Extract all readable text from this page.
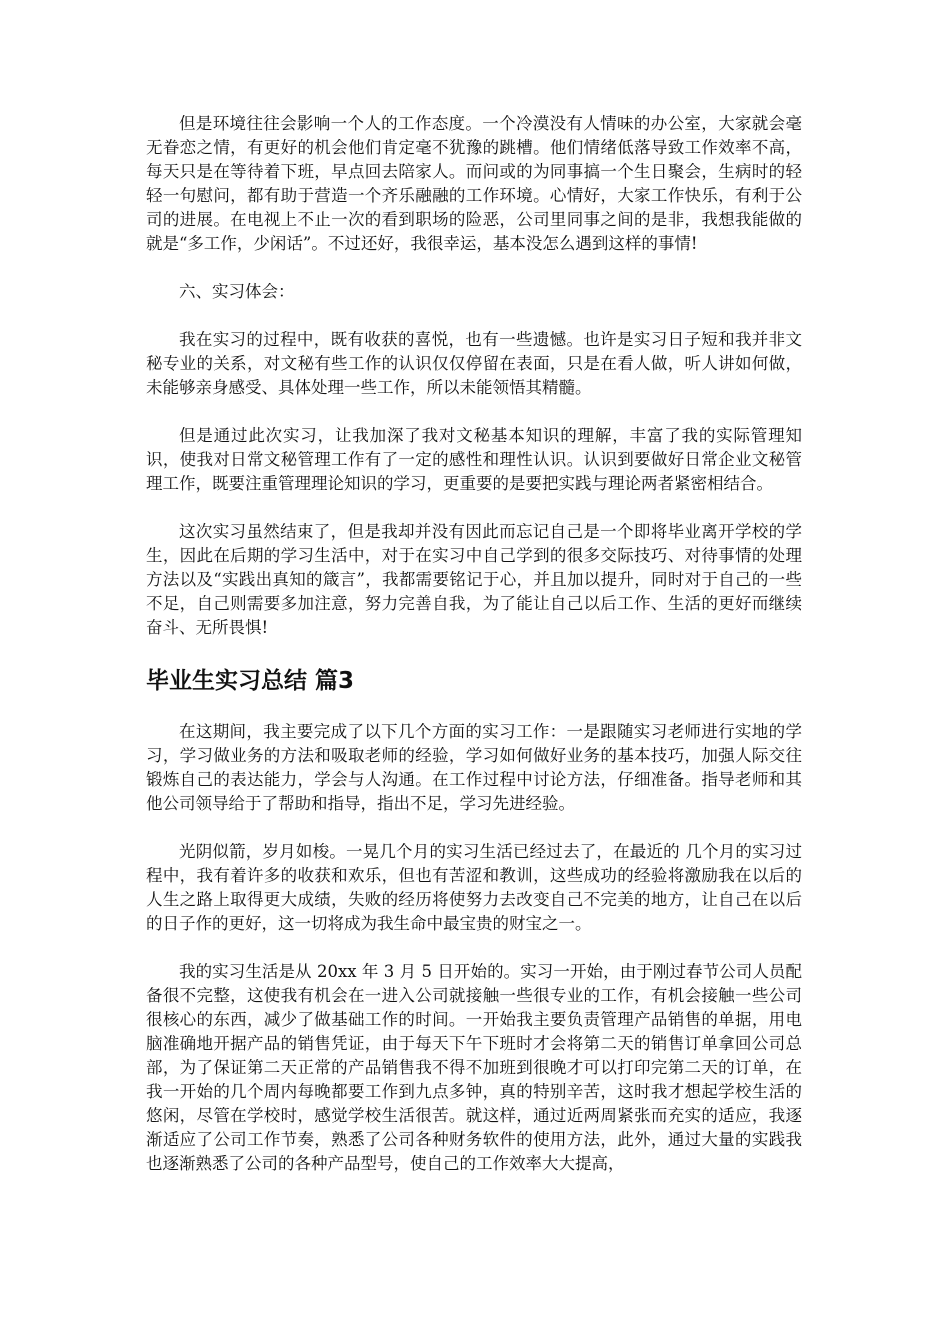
但是环境往往会影响一个人的工作态度。一个冷漠没有人情味的办公室，大家就会毫无眷恋之情，有更好的机会他们肯定毫不犹豫的跳槽。他们情绪低落导致工作效率不高，每天只是在等待着下班，早点回去陪家人。而问或的为同事搞一个生日聚会，生病时的轻轻一句慰问，都有助于营造一个齐乐融融的工作环境。心情好，大家工作快乐，有利于公司的进展。在电视上不止一次的看到职场的险恶，公司里同事之间的是非，我想我能做的就是“多工作，少闲话”。不过还好，我很幸运，基本没怎么遇到这样的事情!

六、实习体会：

我在实习的过程中，既有收获的喜悦，也有一些遗憾。也许是实习日子短和我并非文秘专业的关系，对文秘有些工作的认识仅仅停留在表面，只是在看人做，听人讲如何做，未能够亲身感受、具体处理一些工作，所以未能领悟其精髓。

但是通过此次实习，让我加深了我对文秘基本知识的理解，丰富了我的实际管理知识，使我对日常文秘管理工作有了一定的感性和理性认识。认识到要做好日常企业文秘管理工作，既要注重管理理论知识的学习，更重要的是要把实践与理论两者紧密相结合。

这次实习虽然结束了，但是我却并没有因此而忘记自己是一个即将毕业离开学校的学生，因此在后期的学习生活中，对于在实习中自己学到的很多交际技巧、对待事情的处理方法以及“实践出真知的箴言”，我都需要铭记于心，并且加以提升，同时对于自己的一些不足，自己则需要多加注意，努力完善自我，为了能让自己以后工作、生活的更好而继续奋斗、无所畏惧!

毕业生实习总结 篇3

在这期间，我主要完成了以下几个方面的实习工作：一是跟随实习老师进行实地的学习，学习做业务的方法和吸取老师的经验，学习如何做好业务的基本技巧，加强人际交往 锻炼自己的表达能力，学会与人沟通。在工作过程中讨论方法，仔细准备。指导老师和其他公司领导给于了帮助和指导，指出不足，学习先进经验。

光阴似箭，岁月如梭。一晃几个月的实习生活已经过去了，在最近的 几个月的实习过程中，我有着许多的收获和欢乐，但也有苦涩和教训，这些成功的经验将激励我在以后的人生之路上取得更大成绩，失败的经历将使努力去改变自己不完美的地方，让自己在以后的日子作的更好，这一切将成为我生命中最宝贵的财宝之一。

我的实习生活是从 20xx 年 3 月 5 日开始的。实习一开始，由于刚过春节公司人员配备很不完整，这使我有机会在一进入公司就接触一些很专业的工作，有机会接触一些公司很核心的东西，减少了做基础工作的时间。一开始我主要负责管理产品销售的单据，用电脑准确地开据产品的销售凭证，由于每天下午下班时才会将第二天的销售订单拿回公司总部，为了保证第二天正常的产品销售我不得不加班到很晚才可以打印完第二天的订单，在我一开始的几个周内每晚都要工作到九点多钟，真的特别辛苦，这时我才想起学校生活的悠闲，尽管在学校时，感觉学校生活很苦。就这样，通过近两周紧张而充实的适应，我逐渐适应了公司工作节奏，熟悉了公司各种财务软件的使用方法，此外，通过大量的实践我也逐渐熟悉了公司的各种产品型号，使自己的工作效率大大提高，
